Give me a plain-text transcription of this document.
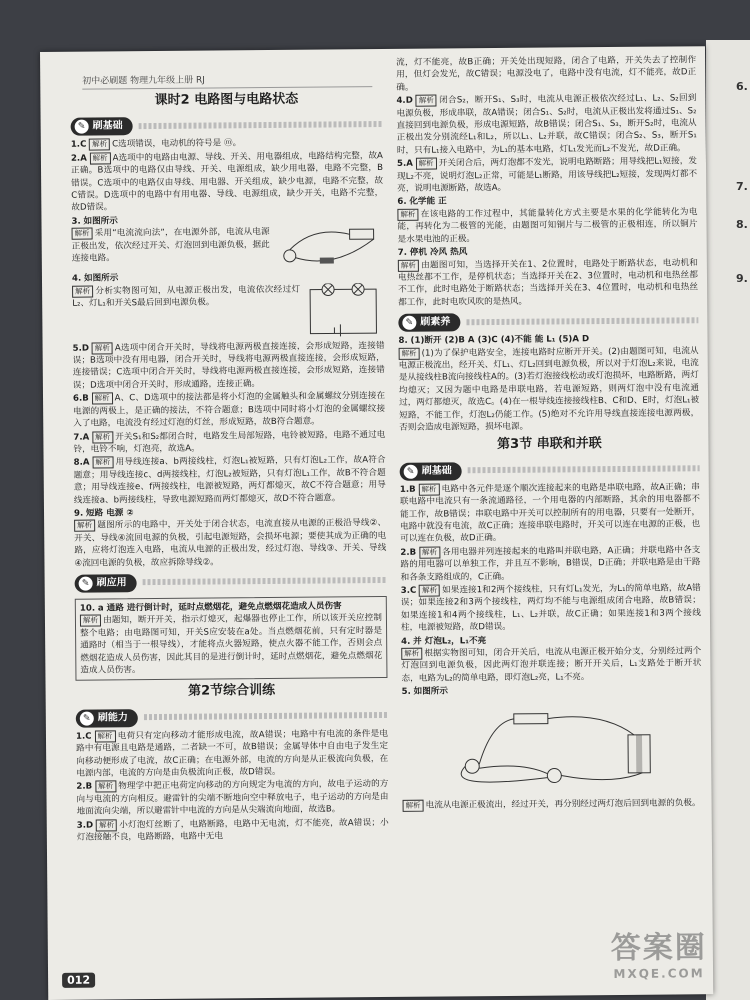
6.
7.
8.
9.
初中必刷题 物理九年级上册 RJ
课时2 电路图与电路状态
✎ 刷基础
1.C 解析 C选项错误，电动机的符号是 ⓜ。
2.A 解析 A选项中的电路由电源、导线、开关、用电器组成，电路结构完整，故A正确。B选项中的电路仅由导线、开关、电源组成，缺少用电器，电路不完整，B错误。C选项中的电路仅由导线、用电器、开关组成，缺少电源，电路不完整，故C错误。D选项中的电路中有用电器、导线、电源组成，缺少开关，电路不完整，故D错误。
3. 如图所示
解析 采用“电流流向法”，在电源外部，电流从电源正极出发，依次经过开关、灯泡回到电源负极，据此连接电路。
4. 如图所示
解析 分析实物图可知，从电源正极出发，电流依次经过灯L₂、灯L₁和开关S最后回到电源负极。
5.D 解析 A选项中闭合开关时，导线将电源两极直接连接，会形成短路，连接错误；B选项中没有用电器，闭合开关时，导线将电源两极直接连接，会形成短路，连接错误；C选项中闭合开关时，导线将电源两极直接连接，会形成短路，连接错误；D选项中闭合开关时，形成通路，连接正确。
6.B 解析 A、C、D选项中的接法都是将小灯泡的金属触头和金属螺纹分别连接在电源的两极上，是正确的接法，不符合题意；B选项中同时将小灯泡的金属螺纹接入了电路，电流没有经过灯泡的灯丝，形成短路，故B符合题意。
7.A 解析 开关S₁和S₂都闭合时，电路发生局部短路，电铃被短路，电路不通过电铃，电铃不响，灯泡亮，故选A。
8.A 解析 用导线连接a、b两接线柱，灯泡L₁被短路，只有灯泡L₂工作，故A符合题意；用导线连接c、d两接线柱，灯泡L₂被短路，只有灯泡L₁工作，故B不符合题意；用导线连接e、f两接线柱，电源被短路，两灯都熄灭，故C不符合题意；用导线连接a、b两接线柱，导致电源短路而两灯都熄灭，故D不符合题意。
9. 短路 电源 ②
解析 题图所示的电路中，开关处于闭合状态，电流直接从电源的正极沿导线②、开关、导线④流回电源的负极，引起电源短路，会损坏电源；要使其成为正确的电路，应将灯泡连入电路，电流从电源的正极出发，经过灯泡、导线③、开关、导线④流回电源的负极，故应拆除导线②。
✎ 刷应用
10. a 通路 进行倒计时，延时点燃烟花，避免点燃烟花造成人员伤害
解析 由题知，断开开关，指示灯熄灭，起爆器也停止工作，所以该开关应控制整个电路；由电路图可知，开关S应安装在a处。当点燃烟花前，只有定时器是通路时（相当于一根导线），才能将点火器短路，使点火器不能工作，否则会点燃烟花造成人员伤害，因此其目的是进行倒计时，延时点燃烟花，避免点燃烟花造成人员伤害。
第2节综合训练
✎ 刷能力
1.C 解析 电荷只有定向移动才能形成电流，故A错误；电路中有电流的条件是电路中有电源且电路是通路，二者缺一不可，故B错误；金属导体中自由电子发生定向移动便形成了电流，故C正确；在电源外部，电流的方向是从正极流向负极，在电源内部，电流的方向是由负极流向正极，故D错误。
2.B 解析 物理学中把正电荷定向移动的方向规定为电流的方向，故电子运动的方向与电流的方向相反。避雷针的尖端不断地向空中释放电子，电子运动的方向是由地面流向尖端，所以避雷针中电流的方向是从尖端流向地面，故选B。
3.D 解析 小灯泡灯丝断了，电路断路，电路中无电流，灯不能亮，故A错误；小灯泡接触不良，电路断路，电路中无电
流，灯不能亮，故B正确；开关处出现短路，闭合了电路，开关失去了控制作用，但灯会发光，故C错误；电源没电了，电路中没有电流，灯不能亮，故D正确。
4.D 解析 闭合S₂，断开S₁、S₃时，电流从电源正极依次经过L₁、L₂、S₂回到电源负极，形成串联，故A错误；闭合S₁、S₂时，电流从正极出发将通过S₁、S₂直接回到电源负极，形成电源短路，故B错误；闭合S₁、S₃，断开S₂时，电流从正极出发分别流经L₁和L₂，所以L₁、L₂并联，故C错误；闭合S₂、S₃，断开S₁时，只有L₁接入电路中，为L₁的基本电路，灯L₁发光而L₂不发光，故D正确。
5.A 解析 开关闭合后，两灯泡都不发光，说明电路断路；用导线把L₁短接，发现L₂不亮，说明灯泡L₂正常，可能是L₁断路，用该导线把L₂短接，发现两灯都不亮，说明电源断路，故选A。
6. 化学能 正
解析 在该电路的工作过程中，其能量转化方式主要是水果的化学能转化为电能，再转化为二极管的光能，由题图可知铜片与二极管的正极相连，所以铜片是水果电池的正极。
7. 停机 冷风 热风
解析 由题图可知，当选择开关在1、2位置时，电路处于断路状态，电动机和电热丝都不工作，是停机状态；当选择开关在2、3位置时，电动机和电热丝都不工作，此时电路处于断路状态；当选择开关在3、4位置时，电动机和电热丝都工作，此时电吹风吹的是热风。
✎ 刷素养
8. (1)断开 (2)B A (3)C (4)不能 能 L₁ (5)A D
解析 (1)为了保护电路安全，连接电路时应断开开关。(2)由题图可知，电流从电源正极流出，经开关、灯L₁、灯L₂回到电源负极，所以对于灯泡L₂来说，电流是从接线柱B流向接线柱A的。(3)若灯泡接线松动或灯泡损坏，电路断路，两灯均熄灭；又因为题中电路是串联电路，若电源短路，则两灯泡中没有电流通过，两灯都熄灭，故选C。(4)在一根导线连接接线柱B、C和D、E时，灯泡L₁被短路，不能工作，灯泡L₂仍能工作。(5)绝对不允许用导线直接连接电源两极，否则会造成电源短路，损坏电源。
第3节 串联和并联
✎ 刷基础
1.B 解析 电路中各元件是逐个顺次连接起来的电路是串联电路，故A正确；串联电路中电流只有一条流通路径，一个用电器的内部断路，其余的用电器都不能工作，故B错误；串联电路中开关可以控制所有的用电器，只要有一处断开，电路中就没有电流，故C正确；连接串联电路时，开关可以连在电源的正极，也可以连在负极，故D正确。
2.B 解析 各用电器并列连接起来的电路叫并联电路，A正确；并联电路中各支路的用电器可以单独工作，并且互不影响，B错误，D正确；并联电路是由干路和各条支路组成的，C正确。
3.C 解析 如果连接1和2两个接线柱，只有灯L₁发光，为L₁的简单电路，故A错误；如果连接2和3两个接线柱，两灯均不能与电源组成闭合电路，故B错误；如果连接1和4两个接线柱，L₁、L₂并联，故C正确；如果连接1和3两个接线柱，电源被短路，故D错误。
4. 并 灯泡L₂，L₁不亮
解析 根据实物图可知，闭合开关后，电流从电源正极开始分支，分别经过两个灯泡回到电源负极，因此两灯泡并联连接；断开开关后，L₁支路处于断开状态，电路为L₂的简单电路，即灯泡L₂亮，L₁不亮。
5. 如图所示
解析 电流从电源正极流出，经过开关，再分别经过两灯泡后回到电源的负极。
012
答案圈
MXQE.COM
